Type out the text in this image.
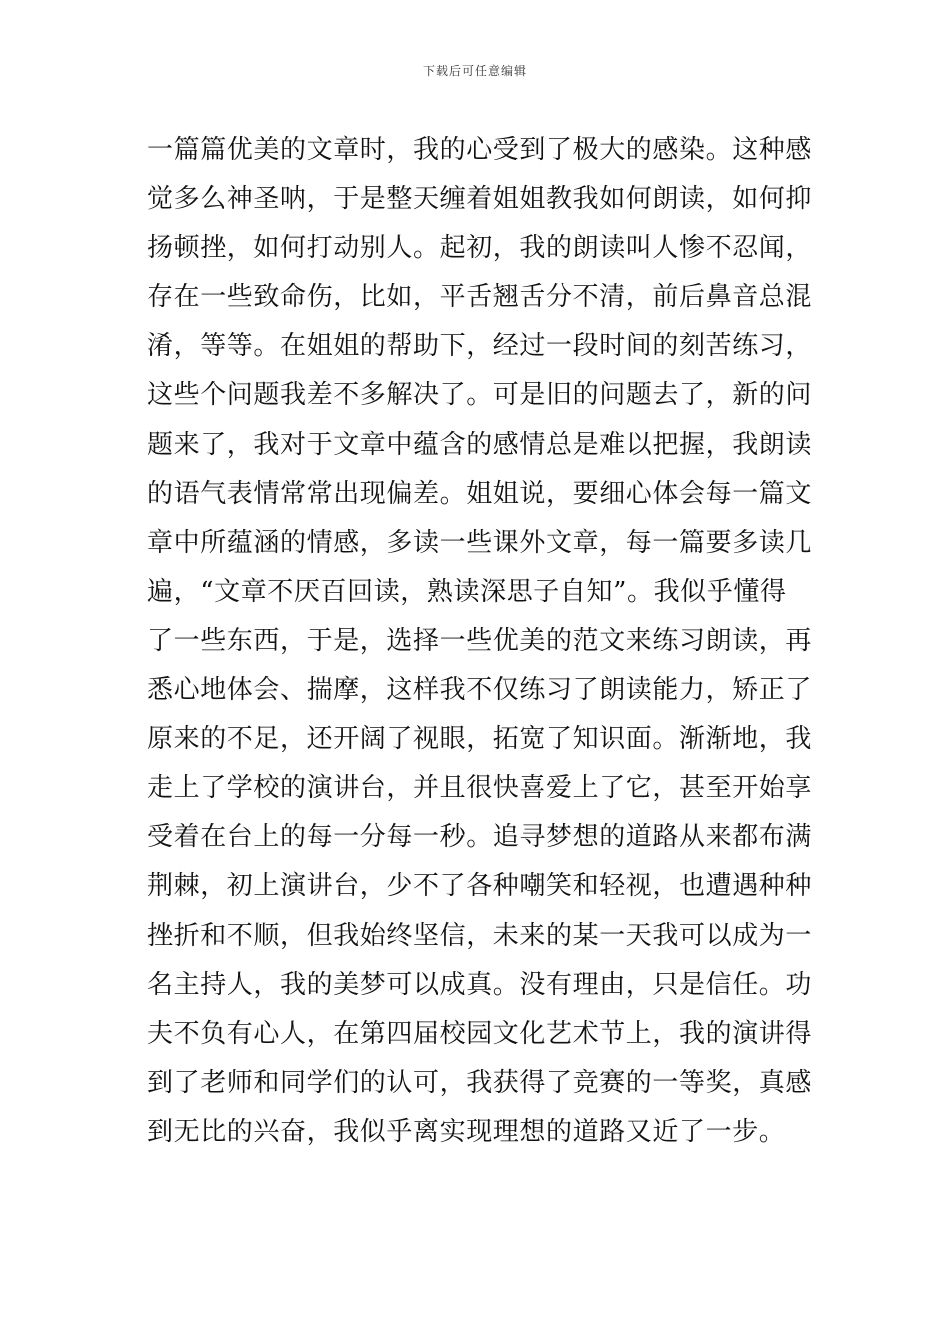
下载后可任意编辑
一篇篇优美的文章时，我的心受到了极大的感染。这种感
觉多么神圣呐，于是整天缠着姐姐教我如何朗读，如何抑
扬顿挫，如何打动别人。起初，我的朗读叫人惨不忍闻，
存在一些致命伤，比如，平舌翘舌分不清，前后鼻音总混
淆，等等。在姐姐的帮助下，经过一段时间的刻苦练习，
这些个问题我差不多解决了。可是旧的问题去了，新的问
题来了，我对于文章中蕴含的感情总是难以把握，我朗读
的语气表情常常出现偏差。姐姐说，要细心体会每一篇文
章中所蕴涵的情感，多读一些课外文章，每一篇要多读几
遍，“文章不厌百回读，熟读深思子自知”。我似乎懂得
了一些东西，于是，选择一些优美的范文来练习朗读，再
悉心地体会、揣摩，这样我不仅练习了朗读能力，矫正了
原来的不足，还开阔了视眼，拓宽了知识面。渐渐地，我
走上了学校的演讲台，并且很快喜爱上了它，甚至开始享
受着在台上的每一分每一秒。追寻梦想的道路从来都布满
荆棘，初上演讲台，少不了各种嘲笑和轻视，也遭遇种种
挫折和不顺，但我始终坚信，未来的某一天我可以成为一
名主持人，我的美梦可以成真。没有理由，只是信任。功
夫不负有心人，在第四届校园文化艺术节上，我的演讲得
到了老师和同学们的认可，我获得了竞赛的一等奖，真感
到无比的兴奋，我似乎离实现理想的道路又近了一步。
